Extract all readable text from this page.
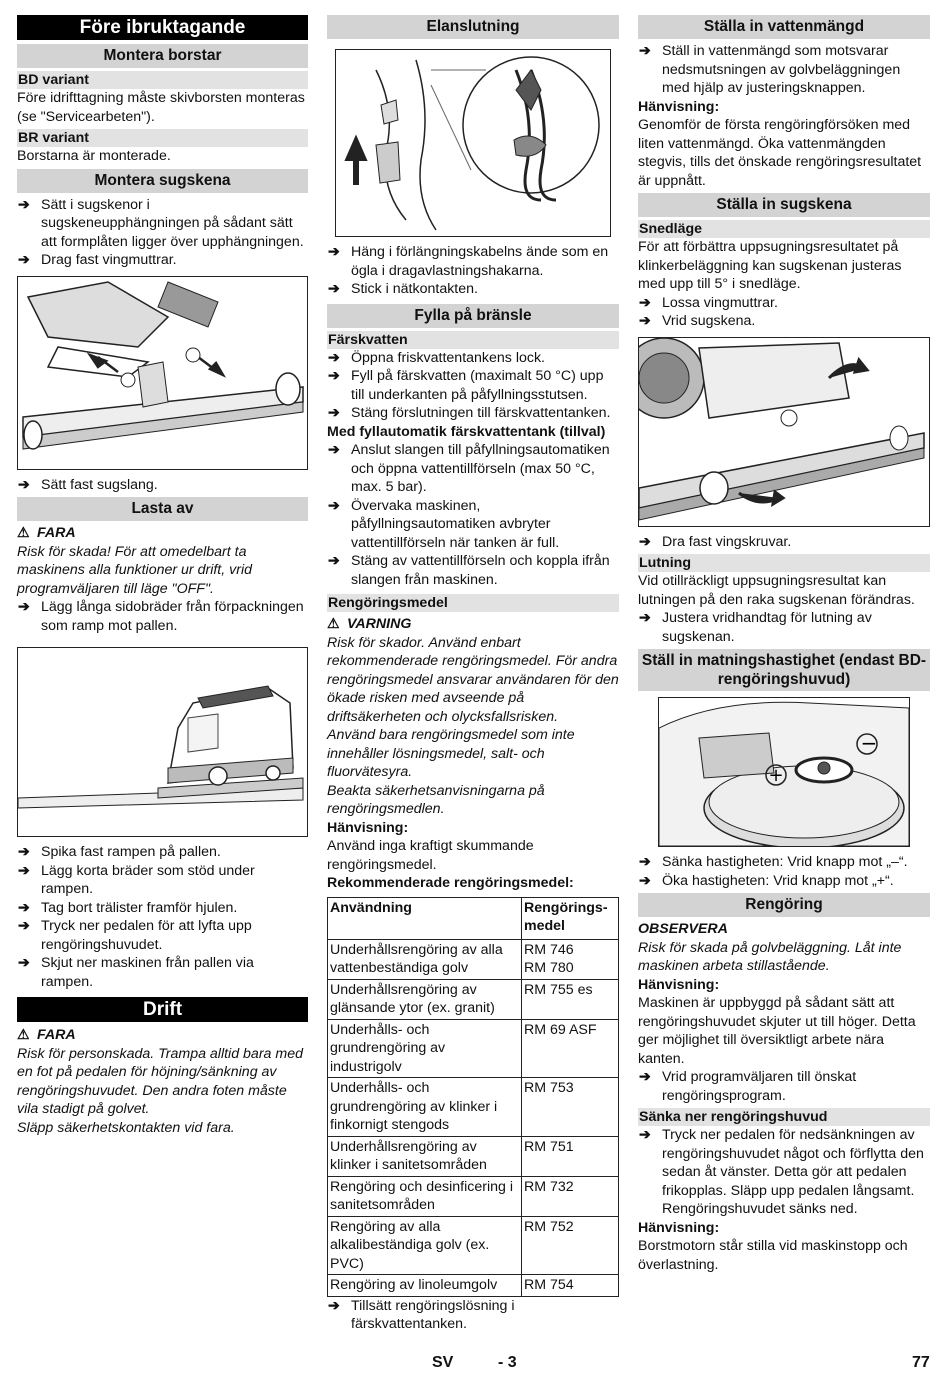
Före ibruktagande
Montera borstar
BD variant

Före idrifttagning måste skivborsten monteras (se "Servicearbeten").

BR variant

Borstarna är monterade.

Montera sugskena

➔ Sätt i sugskenor i sugskeneupphängningen på sådant sätt att formplåten ligger över upphängningen.

➔ Drag fast vingmuttrar.

➔ Sätt fast sugslang.

Lasta av

⚠ FARA

Risk för skada! För att omedelbart ta maskinens alla funktioner ur drift, vrid programväljaren till läge "OFF".

➔ Lägg långa sidobräder från förpackningen som ramp mot pallen.

➔ Spika fast rampen på pallen.

➔ Lägg korta bräder som stöd under rampen.

➔ Tag bort trälister framför hjulen.

➔ Tryck ner pedalen för att lyfta upp rengöringshuvudet.

➔ Skjut ner maskinen från pallen via rampen.

Drift

⚠ FARA

Risk för personskada. Trampa alltid bara med en fot på pedalen för höjning/sänkning av rengöringshuvudet. Den andra foten måste vila stadigt på golvet.

Släpp säkerhetskontakten vid fara.

Elanslutning

➔ Häng i förlängningskabelns ände som en ögla i dragavlastningshakarna.

➔ Stick i nätkontakten.

Fylla på bränsle
Färskvatten

➔ Öppna friskvattentankens lock.

➔ Fyll på färskvatten (maximalt 50 °C) upp till underkanten på påfyllningsstutsen.

➔ Stäng förslutningen till färskvattentanken.

Med fyllautomatik färskvattentank (tillval)

➔ Anslut slangen till påfyllningsautomatiken och öppna vattentillförseln (max 50 °C, max. 5 bar).

➔ Övervaka maskinen, påfyllningsautomatiken avbryter vattentillförseln när tanken är full.

➔ Stäng av vattentillförseln och koppla ifrån slangen från maskinen.

Rengöringsmedel

⚠ VARNING

Risk för skador. Använd enbart rekommenderade rengöringsmedel. För andra rengöringsmedel ansvarar användaren för den ökade risken med avseende på driftsäkerheten och olycksfallsrisken.

Använd bara rengöringsmedel som inte innehåller lösningsmedel, salt- och fluorvätesyra.

Beakta säkerhetsanvisningarna på rengöringsmedlen.

Hänvisning:

Använd inga kraftigt skummande rengöringsmedel.

Rekommenderade rengöringsmedel:

Användning	Rengörings-medel
Underhållsrengöring av alla vattenbeständiga golv	RM 746
RM 780
Underhållsrengöring av glänsande ytor (ex. granit)	RM 755 es
Underhålls- och grundrengöring av industrigolv	RM 69 ASF
Underhålls- och grundrengöring av klinker i finkornigt stengods	RM 753
Underhållsrengöring av klinker i sanitetsområden	RM 751
Rengöring och desinficering i sanitetsområden	RM 732
Rengöring av alla alkalibeständiga golv (ex. PVC)	RM 752
Rengöring av linoleumgolv	RM 754

➔ Tillsätt rengöringslösning i färskvattentanken.

Ställa in vattenmängd

➔ Ställ in vattenmängd som motsvarar nedsmutsningen av golvbeläggningen med hjälp av justeringsknappen.

Hänvisning:

Genomför de första rengöringförsöken med liten vattenmängd. Öka vattenmängden stegvis, tills det önskade rengöringsresultatet är uppnått.

Ställa in sugskena
Snedläge

För att förbättra uppsugningsresultatet på klinkerbeläggning kan sugskenan justeras med upp till 5° i snedläge.

➔ Lossa vingmuttrar.

➔ Vrid sugskena.

➔ Dra fast vingskruvar.

Lutning

Vid otillräckligt uppsugningsresultat kan lutningen på den raka sugskenan förändras.

➔ Justera vridhandtag för lutning av sugskenan.

Ställ in matningshastighet (endast BD-rengöringshuvud)
−
+

➔ Sänka hastigheten: Vrid knapp mot „–“.

➔ Öka hastigheten: Vrid knapp mot „+“.

Rengöring

OBSERVERA

Risk för skada på golvbeläggning. Låt inte maskinen arbeta stillastående.

Hänvisning:

Maskinen är uppbyggd på sådant sätt att rengöringshuvudet skjuter ut till höger. Detta ger möjlighet till översiktligt arbete nära kanten.

➔ Vrid programväljaren till önskat rengöringsprogram.

Sänka ner rengöringshuvud

➔ Tryck ner pedalen för nedsänkningen av rengöringshuvudet något och förflytta den sedan åt vänster. Detta gör att pedalen frikopplas. Släpp upp pedalen långsamt.

Rengöringshuvudet sänks ned.

Hänvisning:

Borstmotorn står stilla vid maskinstopp och överlastning.

SV	- 3	77
